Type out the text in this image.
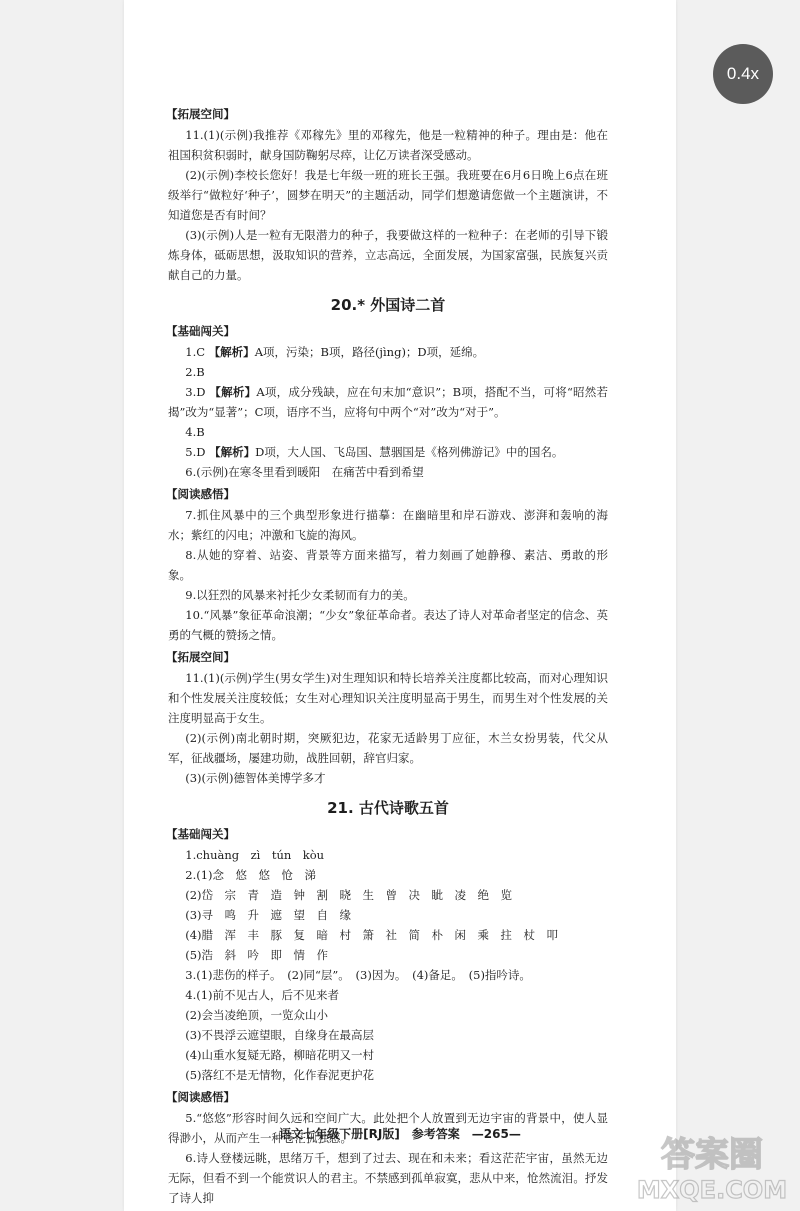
0.4x
【拓展空间】

11.(1)(示例)我推荐《邓稼先》里的邓稼先，他是一粒精神的种子。理由是：他在祖国积贫积弱时，献身国防鞠躬尽瘁，让亿万读者深受感动。

(2)(示例)李校长您好！我是七年级一班的班长王强。我班要在6月6日晚上6点在班级举行“做粒好‘种子’，圆梦在明天”的主题活动，同学们想邀请您做一个主题演讲，不知道您是否有时间？

(3)(示例)人是一粒有无限潜力的种子，我要做这样的一粒种子：在老师的引导下锻炼身体，砥砺思想，汲取知识的营养，立志高远，全面发展，为国家富强，民族复兴贡献自己的力量。

20.* 外国诗二首
【基础闯关】

1.C 【解析】A项，污染；B项，路径(jìng)；D项，延绵。

2.B

3.D 【解析】A项，成分残缺，应在句末加“意识”；B项，搭配不当，可将“昭然若揭”改为“显著”；C项，语序不当，应将句中两个“对”改为“对于”。

4.B

5.D 【解析】D项，大人国、飞岛国、慧骃国是《格列佛游记》中的国名。

6.(示例)在寒冬里看到暖阳　在痛苦中看到希望

【阅读感悟】

7.抓住风暴中的三个典型形象进行描摹：在幽暗里和岸石游戏、澎湃和轰响的海水；紫红的闪电；冲激和飞旋的海风。

8.从她的穿着、站姿、背景等方面来描写，着力刻画了她静穆、素洁、勇敢的形象。

9.以狂烈的风暴来衬托少女柔韧而有力的美。

10.“风暴”象征革命浪潮；“少女”象征革命者。表达了诗人对革命者坚定的信念、英勇的气概的赞扬之情。

【拓展空间】

11.(1)(示例)学生(男女学生)对生理知识和特长培养关注度都比较高，而对心理知识和个性发展关注度较低；女生对心理知识关注度明显高于男生，而男生对个性发展的关注度明显高于女生。

(2)(示例)南北朝时期，突厥犯边，花家无适龄男丁应征，木兰女扮男装，代父从军，征战疆场，屡建功勋，战胜回朝，辞官归家。

(3)(示例)德智体美博学多才

21. 古代诗歌五首
【基础闯关】

1.chuàng　zì　tún　kòu

2.(1)念　悠　悠　怆　涕

(2)岱　宗　青　造　钟　割　晓　生　曾　决　眦　凌　绝　览

(3)寻　鸣　升　遮　望　自　缘

(4)腊　浑　丰　豚　复　暗　村　箫　社　简　朴　闲　乘　拄　杖　叩

(5)浩　斜　吟　即　情　作

3.(1)悲伤的样子。　(2)同“层”。　(3)因为。　(4)备足。　(5)指吟诗。

4.(1)前不见古人，后不见来者

(2)会当凌绝顶，一览众山小

(3)不畏浮云遮望眼，自缘身在最高层

(4)山重水复疑无路，柳暗花明又一村

(5)落红不是无情物，化作春泥更护花

【阅读感悟】

5.“悠悠”形容时间久远和空间广大。此处把个人放置到无边宇宙的背景中，使人显得渺小，从而产生一种苍茫孤独感。

6.诗人登楼远眺，思绪万千，想到了过去、现在和未来；看这茫茫宇宙，虽然无边无际，但看不到一个能赏识人的君主。不禁感到孤单寂寞，悲从中来，怆然流泪。抒发了诗人抑

语文七年级下册[RJ版]　参考答案　—265—
答案圈
MXQE.COM
